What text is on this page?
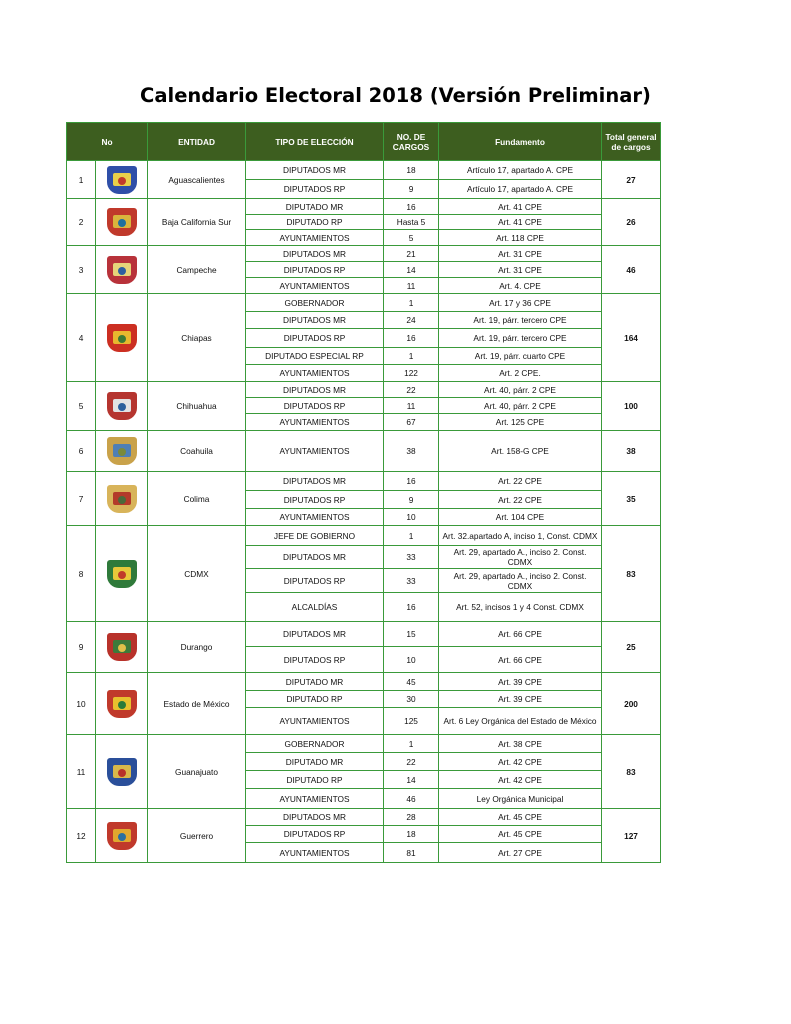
Calendario Electoral 2018 (Versión Preliminar)
No		ENTIDAD	TIPO DE ELECCIÓN	NO. DE CARGOS	Fundamento	Total general de cargos
1		Aguascalientes	DIPUTADOS MR	18	Artículo 17, apartado A. CPE	27
			DIPUTADOS RP	9	Artículo 17, apartado A. CPE	
2		Baja California Sur	DIPUTADO MR	16	Art. 41 CPE	26
			DIPUTADO RP	Hasta 5	Art. 41 CPE	
			AYUNTAMIENTOS	5	Art. 118 CPE	
3		Campeche	DIPUTADOS MR	21	Art. 31 CPE	46
			DIPUTADOS RP	14	Art. 31 CPE	
			AYUNTAMIENTOS	11	Art. 4. CPE	
4		Chiapas	GOBERNADOR	1	Art. 17 y 36 CPE	164
			DIPUTADOS MR	24	Art. 19, párr. tercero CPE	
			DIPUTADOS RP	16	Art. 19, párr. tercero CPE	
			DIPUTADO ESPECIAL RP	1	Art. 19, párr. cuarto CPE	
			AYUNTAMIENTOS	122	Art. 2 CPE.	
5		Chihuahua	DIPUTADOS MR	22	Art. 40, párr. 2 CPE	100
			DIPUTADOS RP	11	Art. 40, párr. 2 CPE	
			AYUNTAMIENTOS	67	Art. 125 CPE	
6		Coahuila	AYUNTAMIENTOS	38	Art. 158-G CPE	38
7		Colima	DIPUTADOS MR	16	Art. 22 CPE	35
			DIPUTADOS RP	9	Art. 22 CPE	
			AYUNTAMIENTOS	10	Art. 104 CPE	
8		CDMX	JEFE DE GOBIERNO	1	Art. 32.apartado A, inciso 1, Const. CDMX	83
			DIPUTADOS MR	33	Art. 29, apartado A., inciso 2. Const. CDMX	
			DIPUTADOS RP	33	Art. 29, apartado A., inciso 2. Const. CDMX	
			ALCALDÍAS	16	Art. 52, incisos 1 y 4 Const. CDMX	
9		Durango	DIPUTADOS MR	15	Art. 66 CPE	25
			DIPUTADOS RP	10	Art. 66 CPE	
10		Estado de México	DIPUTADO MR	45	Art. 39 CPE	200
			DIPUTADO RP	30	Art. 39 CPE	
			AYUNTAMIENTOS	125	Art. 6 Ley Orgánica del Estado de México	
11		Guanajuato	GOBERNADOR	1	Art. 38 CPE	83
			DIPUTADO MR	22	Art. 42 CPE	
			DIPUTADO RP	14	Art. 42 CPE	
			AYUNTAMIENTOS	46	Ley Orgánica Municipal	
12		Guerrero	DIPUTADOS MR	28	Art. 45 CPE	127
			DIPUTADOS RP	18	Art. 45 CPE	
			AYUNTAMIENTOS	81	Art. 27 CPE	
